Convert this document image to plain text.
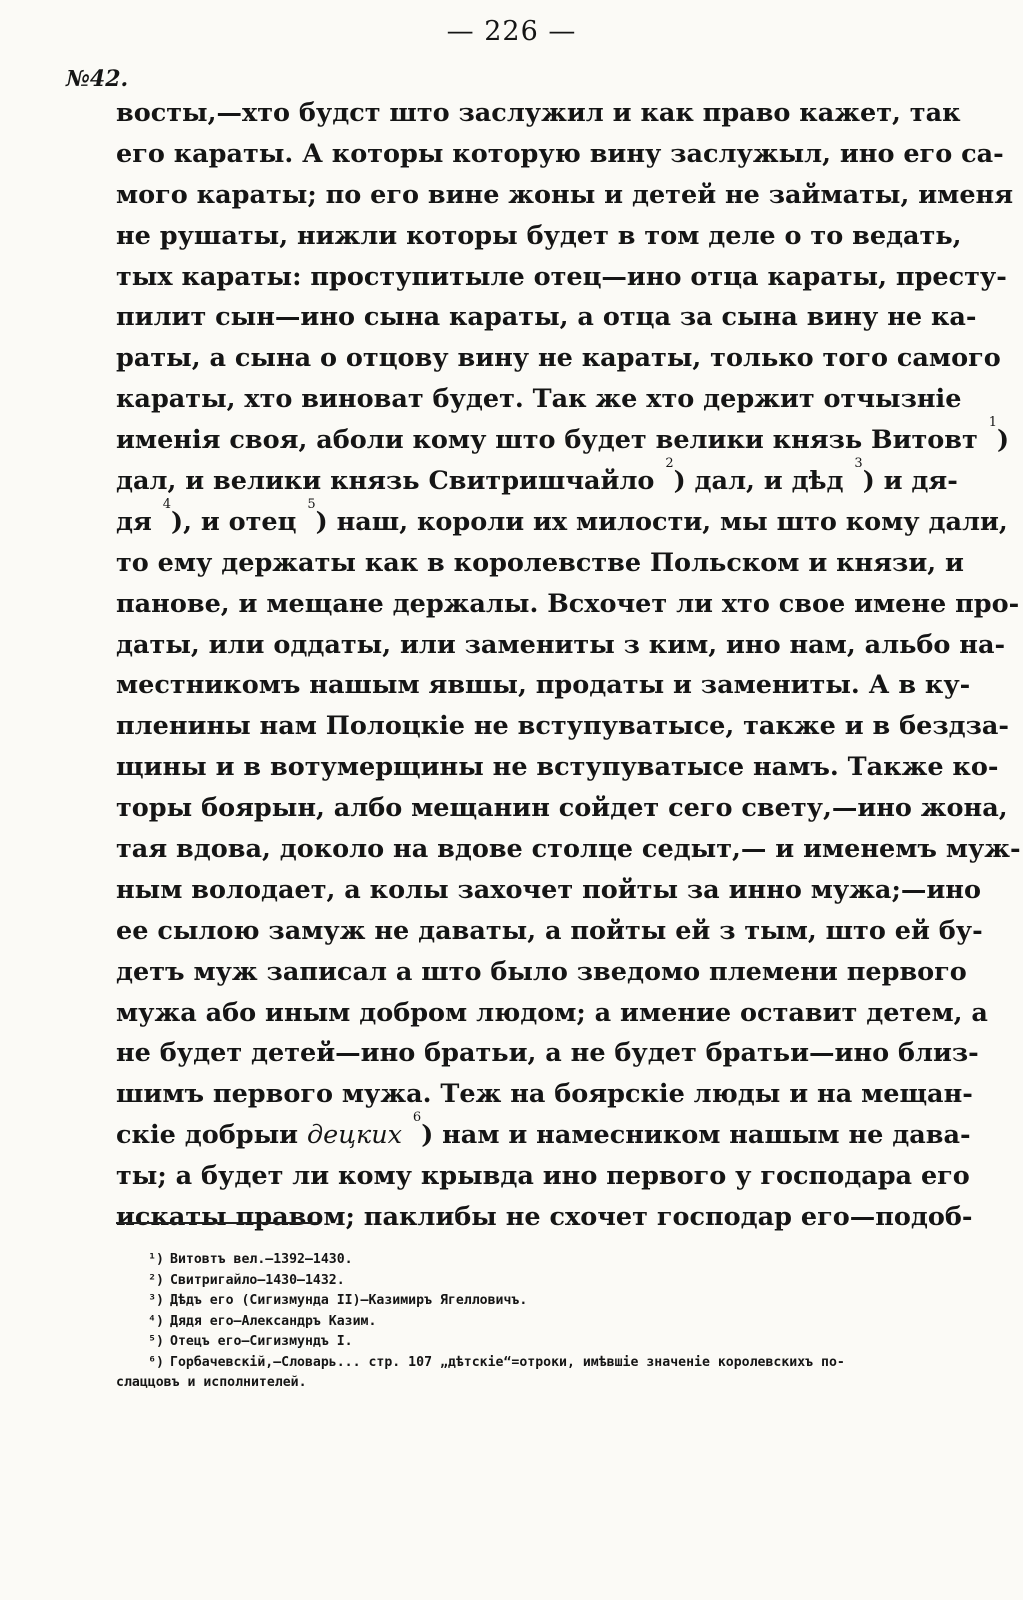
— 226 —
№42.
восты,—хто будст што заслужил и как право кажет, так
его караты. А которы которую вину заслужыл, ино его са-
мого караты; по его вине жоны и детей не займаты, именя
не рушаты, нижли которы будет в том деле о то ведать,
тых караты: проступитыле отец—ино отца караты, престу-
пилит сын—ино сына караты, а отца за сына вину не ка-
раты, а сына о отцову вину не караты, только того самого
караты, хто виноват будет. Так же хто держит отчызніе
именія своя, аболи кому што будет велики князь Витовт $^1$)
дал, и велики князь Свитришчайло $^2$) дал, и дѣд $^3$) и дя-
дя $^4$), и отец $^5$) наш, короли их милости, мы што кому дали,
то ему держаты как в королевстве Польском и князи, и
панове, и мещане держалы. Всхочет ли хто свое имене про-
даты, или оддаты, или замениты з ким, ино нам, альбо на-
местникомъ нашым явшы, продаты и замениты. А в ку-
пленины нам Полоцкіе не вступуватысе, также и в бездза-
щины и в вотумерщины не вступуватысе намъ. Также ко-
торы боярын, албо мещанин сойдет сего свету,—ино жона,
тая вдова, доколо на вдове столце седыт,— и именемъ муж-
ным володает, а колы захочет пойты за инно мужа;—ино
ее сылою замуж не даваты, а пойты ей з тым, што ей бу-
детъ муж записал а што было зведомо племени первого
мужа або иным добром людом; а имение оставит детем, а
не будет детей—ино братьи, а не будет братьи—ино близ-
шимъ первого мужа. Теж на боярскіе люды и на мещан-
скіе добрыи децких $^6$) нам и намесником нашым не дава-
ты; а будет ли кому крывда ино первого у господара его
искаты правом; паклибы не схочет господар его—подоб-
¹) Витовтъ вел.—1392—1430.
²) Свитригайло—1430—1432.
³) Дѣдъ его (Сигизмунда II)—Казимиръ Ягелловичъ.
⁴) Дядя его—Александръ Казим.
⁵) Отецъ его—Сигизмундъ I.
⁶) Горбачевскій,—Словарь... стр. 107 „дѣтскіе“=отроки, имѣвшіе значеніе королевскихъ по-
слаццовъ и исполнителей.
